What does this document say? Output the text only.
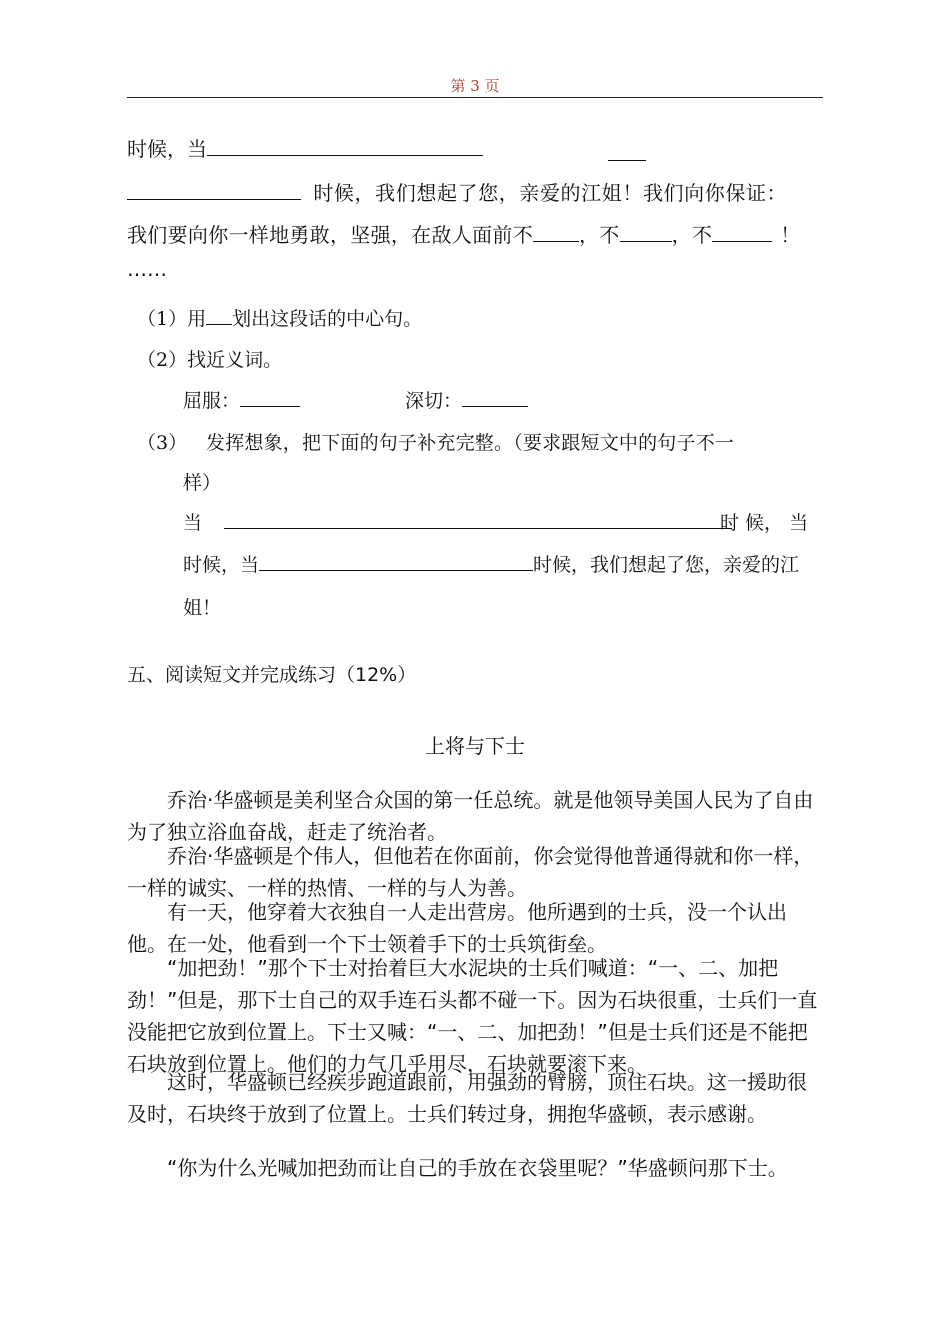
第 3 页
时候，当
时候，我们想起了您，亲爱的江姐！我们向你保证：
我们要向你一样地勇敢，坚强，在敌人面前不 ，不	，不	！
……
（1）用 划出这段话的中心句。
（2）找近义词。
屈服：	深切：
（3） 发挥想象，把下面的句子补充完整。（要求跟短文中的句子不一
样）
当	时 候， 当
时候，当	时候，我们想起了您，亲爱的江
姐！
五、阅读短文并完成练习（12%）
上将与下士
乔治·华盛顿是美利坚合众国的第一任总统。就是他领导美国人民为了自由为了独立浴血奋战，赶走了统治者。
乔治·华盛顿是个伟人，但他若在你面前，你会觉得他普通得就和你一样，一样的诚实、一样的热情、一样的与人为善。
有一天，他穿着大衣独自一人走出营房。他所遇到的士兵，没一个认出他。在一处，他看到一个下士领着手下的士兵筑街垒。
“加把劲！”那个下士对抬着巨大水泥块的士兵们喊道：“一、二、加把劲！”但是，那下士自己的双手连石头都不碰一下。因为石块很重，士兵们一直没能把它放到位置上。下士又喊：“一、二、加把劲！”但是士兵们还是不能把石块放到位置上。他们的力气几乎用尽，石块就要滚下来。
这时，华盛顿已经疾步跑道跟前，用强劲的臂膀，顶住石块。这一援助很及时，石块终于放到了位置上。士兵们转过身，拥抱华盛顿，表示感谢。
“你为什么光喊加把劲而让自己的手放在衣袋里呢？”华盛顿问那下士。
